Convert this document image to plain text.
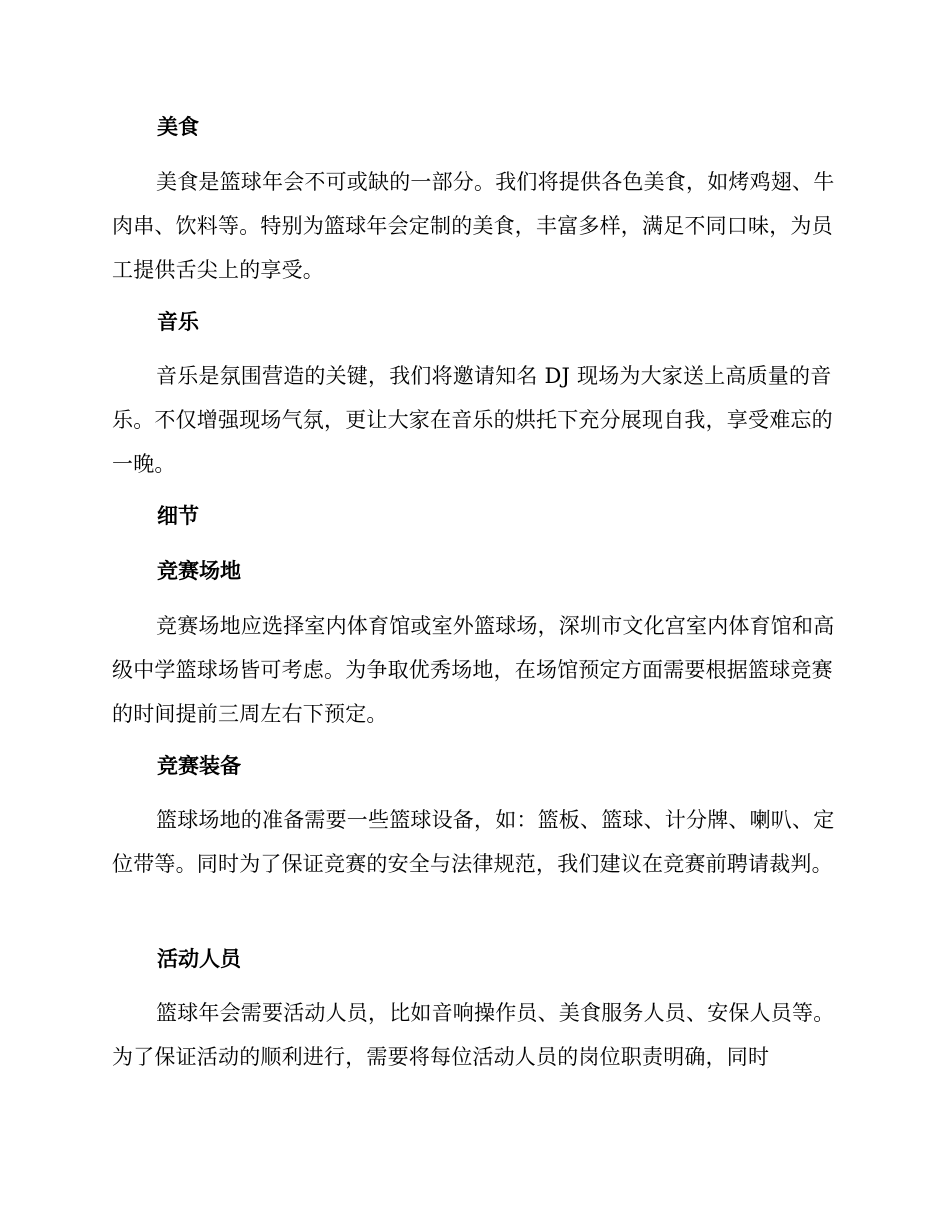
美食

美食是篮球年会不可或缺的一部分。我们将提供各色美食，如烤鸡翅、牛肉串、饮料等。特别为篮球年会定制的美食，丰富多样，满足不同口味，为员工提供舌尖上的享受。

音乐

音乐是氛围营造的关键，我们将邀请知名 DJ 现场为大家送上高质量的音乐。不仅增强现场气氛，更让大家在音乐的烘托下充分展现自我，享受难忘的一晚。

细节
竞赛场地

竞赛场地应选择室内体育馆或室外篮球场，深圳市文化宫室内体育馆和高级中学篮球场皆可考虑。为争取优秀场地，在场馆预定方面需要根据篮球竞赛的时间提前三周左右下预定。

竞赛装备

篮球场地的准备需要一些篮球设备，如：篮板、篮球、计分牌、喇叭、定位带等。同时为了保证竞赛的安全与法律规范，我们建议在竞赛前聘请裁判。

活动人员

篮球年会需要活动人员，比如音响操作员、美食服务人员、安保人员等。为了保证活动的顺利进行，需要将每位活动人员的岗位职责明确，同时
